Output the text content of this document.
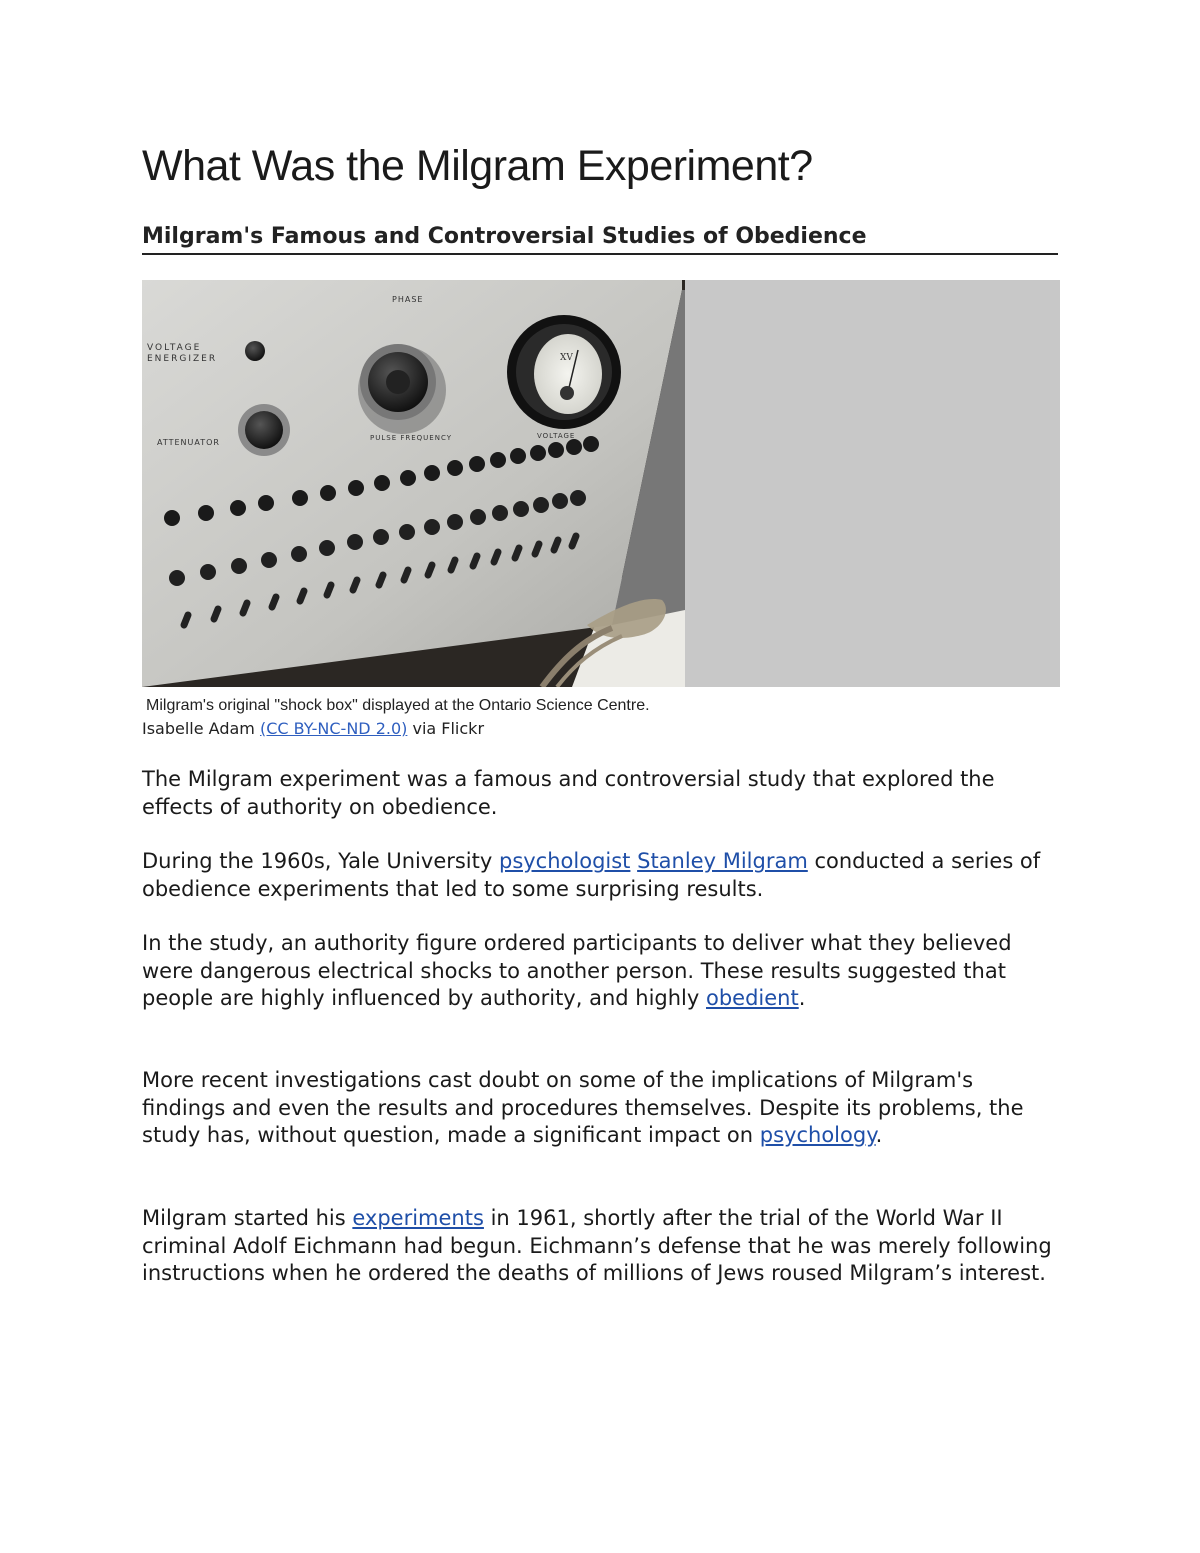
What Was the Milgram Experiment?
Milgram's Famous and Controversial Studies of Obedience
VOLTAGE
ENERGIZER
ATTENUATOR
PHASE
PULSE FREQUENCY	VOLTAGE
XV
Milgram's original "shock box" displayed at the Ontario Science Centre.
Isabelle Adam (CC BY-NC-ND 2.0) via Flickr

The Milgram experiment was a famous and controversial study that explored the effects of authority on obedience.

During the 1960s, Yale University psychologist Stanley Milgram conducted a series of obedience experiments that led to some surprising results.

In the study, an authority figure ordered participants to deliver what they believed were dangerous electrical shocks to another person. These results suggested that people are highly influenced by authority, and highly obedient.

More recent investigations cast doubt on some of the implications of Milgram's findings and even the results and procedures themselves. Despite its problems, the study has, without question, made a significant impact on psychology.

Milgram started his experiments in 1961, shortly after the trial of the World War II criminal Adolf Eichmann had begun. Eichmann’s defense that he was merely following instructions when he ordered the deaths of millions of Jews roused Milgram’s interest.
